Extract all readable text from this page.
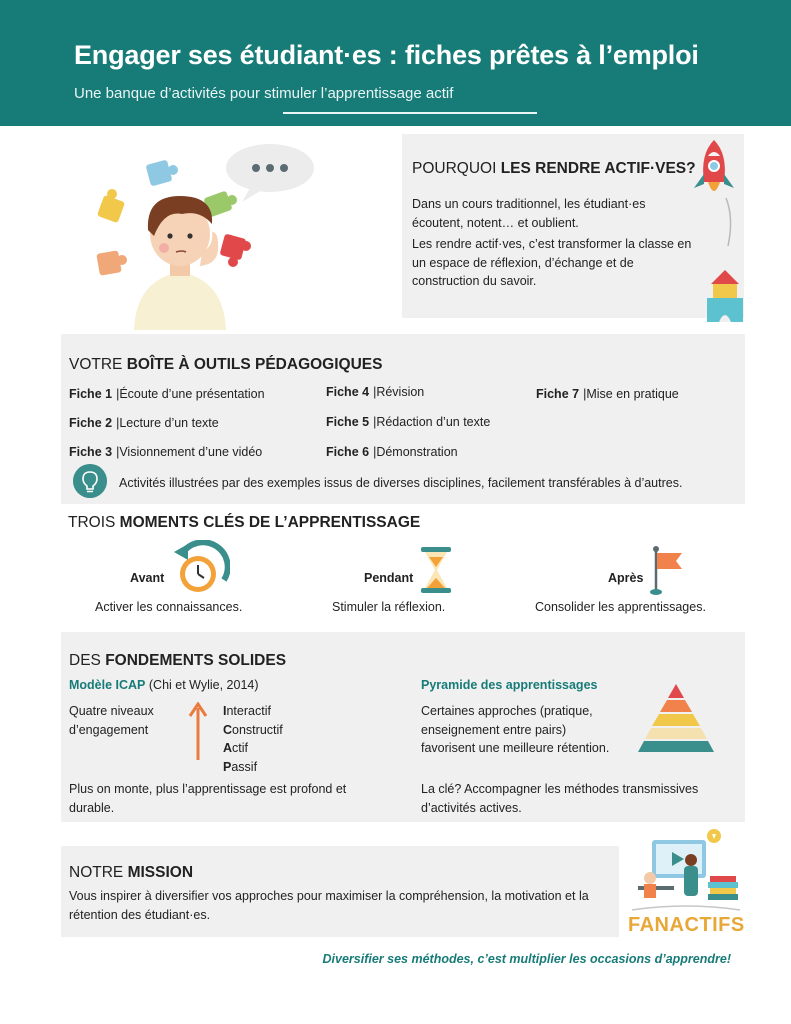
Engager ses étudiant·es : fiches prêtes à l’emploi
Une banque d’activités pour stimuler l’apprentissage actif
POURQUOI LES RENDRE ACTIF·VES?
Dans un cours traditionnel, les étudiant·es écoutent, notent… et oublient.
Les rendre actif·ves, c’est transformer la classe en un espace de réflexion, d’échange et de construction du savoir.
VOTRE BOÎTE À OUTILS PÉDAGOGIQUES
Fiche 1 |Écoute d’une présentation
Fiche 2 |Lecture d’un texte
Fiche 3 |Visionnement d’une vidéo
Fiche 4 |Révision
Fiche 5 |Rédaction d’un texte
Fiche 6 |Démonstration
Fiche 7 |Mise en pratique
Activités illustrées par des exemples issus de diverses disciplines, facilement transférables à d’autres.
TROIS MOMENTS CLÉS DE L’APPRENTISSAGE
Avant
Activer les connaissances.
Pendant
Stimuler la réflexion.
Après
Consolider les apprentissages.
DES FONDEMENTS SOLIDES
Modèle ICAP (Chi et Wylie, 2014)
Quatre niveaux d’engagement
Interactif
Constructif
Actif
Passif
Plus on monte, plus l’apprentissage est profond et durable.
Pyramide des apprentissages
Certaines approches (pratique, enseignement entre pairs) favorisent une meilleure rétention.
La clé? Accompagner les méthodes transmissives d’activités actives.
NOTRE MISSION
Vous inspirer à diversifier vos approches pour maximiser la compréhension, la motivation et la rétention des étudiant·es.	FANACTIFS
Diversifier ses méthodes, c’est multiplier les occasions d’apprendre!
